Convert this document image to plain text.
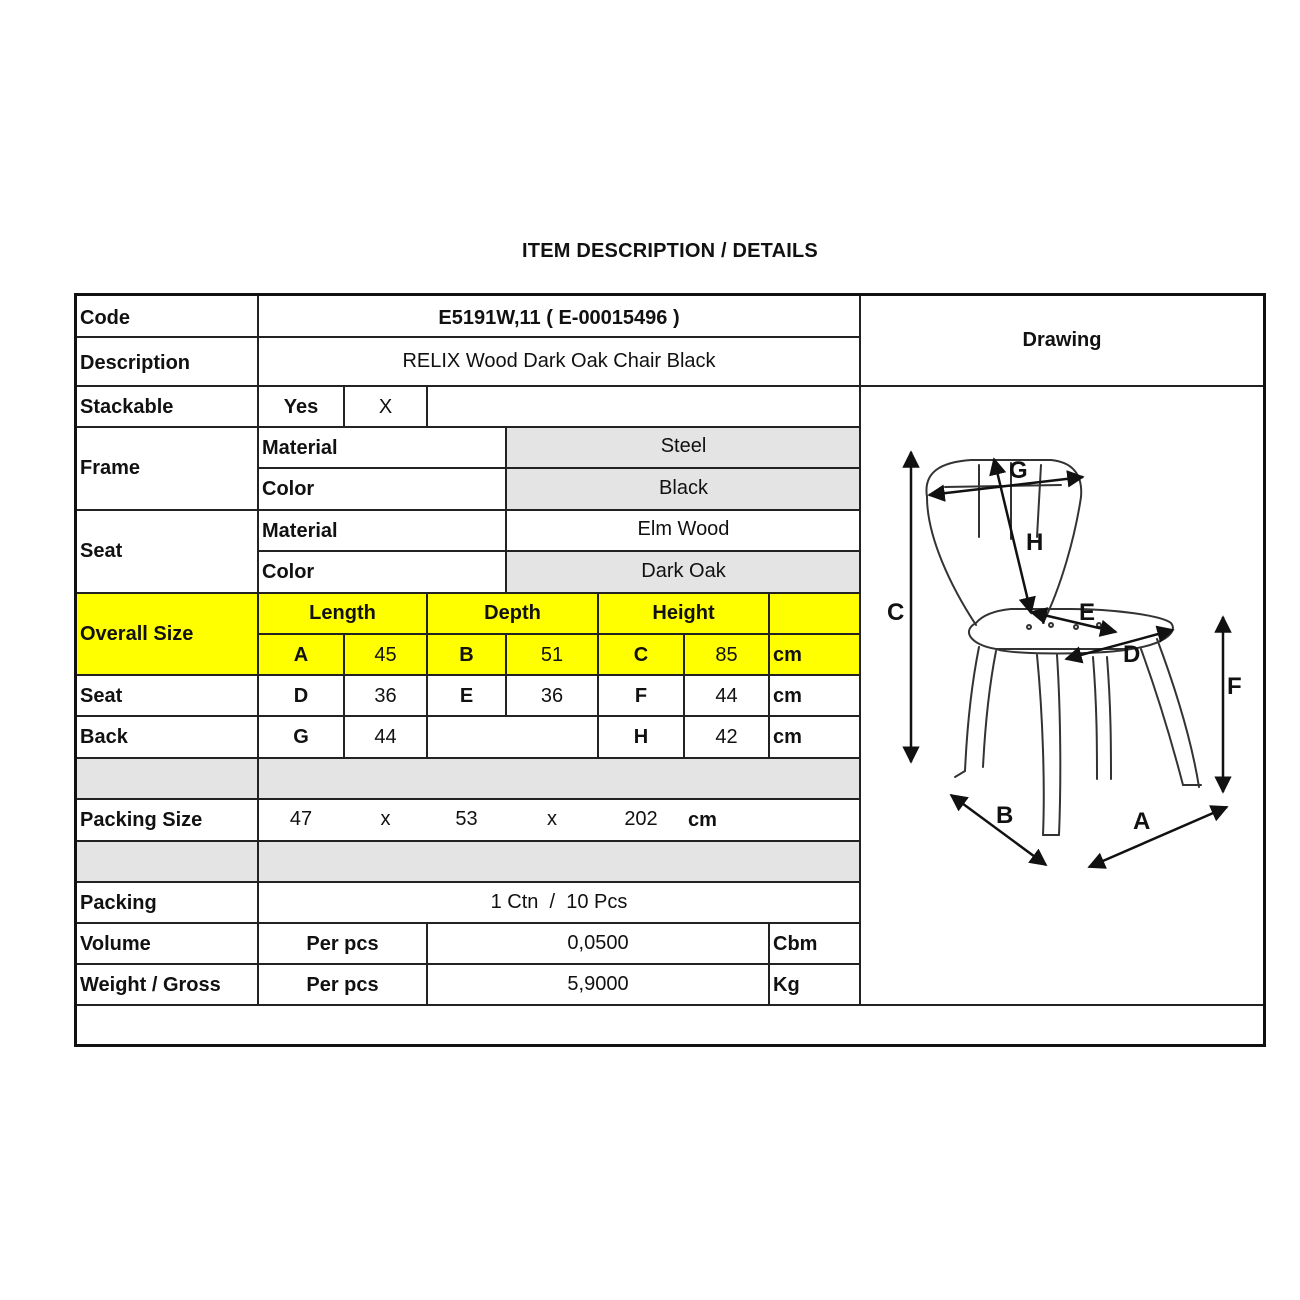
ITEM DESCRIPTION / DETAILS
Code	E5191W,11 ( E-00015496 )
Drawing
Description	RELIX Wood Dark Oak Chair Black
Stackable	Yes	X
Frame
Material	Steel
Color	Black
Seat
Material	Elm Wood
Color	Dark Oak
Overall Size
Length	Depth	Height
A	45	B	51	C	85	cm
Seat	D	36	E	36	F	44	cm
Back	G	44	H	42	cm
Packing Size	47	x	53	x	202	cm
Packing	1 Ctn  /  10 Pcs
Volume	Per pcs	0,0500	Cbm
Weight / Gross	Per pcs	5,9000	Kg
C
F
G
H
E
D
B	A
